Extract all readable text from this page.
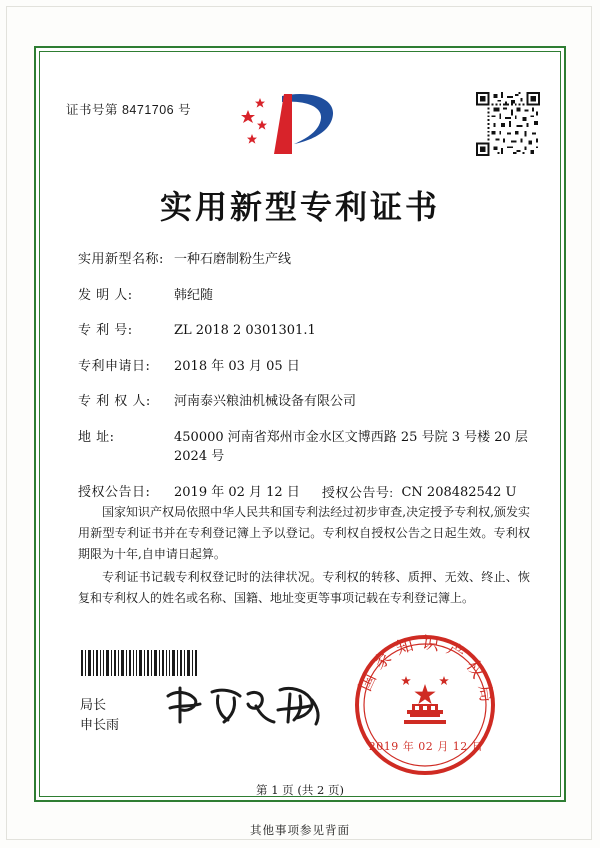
证书号第 8471706 号
实用新型专利证书
实用新型名称: 一种石磨制粉生产线
发 明 人:	韩纪随
专 利 号:	ZL 2018 2 0301301.1
专利申请日:	2018 年 03 月 05 日
专 利 权 人:	河南泰兴粮油机械设备有限公司
地 址:	450000 河南省郑州市金水区文博西路 25 号院 3 号楼 20 层 2024 号
授权公告日:	2019 年 02 月 12 日 授权公告号: CN 208482542 U

国家知识产权局依照中华人民共和国专利法经过初步审查,决定授予专利权,颁发实用新型专利证书并在专利登记簿上予以登记。专利权自授权公告之日起生效。专利权期限为十年,自申请日起算。

专利证书记载专利权登记时的法律状况。专利权的转移、质押、无效、终止、恢复和专利权人的姓名或名称、国籍、地址变更等事项记载在专利登记簿上。

局长
申长雨
国家知识产权局
2019 年 02 月 12 日
第 1 页 (共 2 页)
其他事项参见背面
